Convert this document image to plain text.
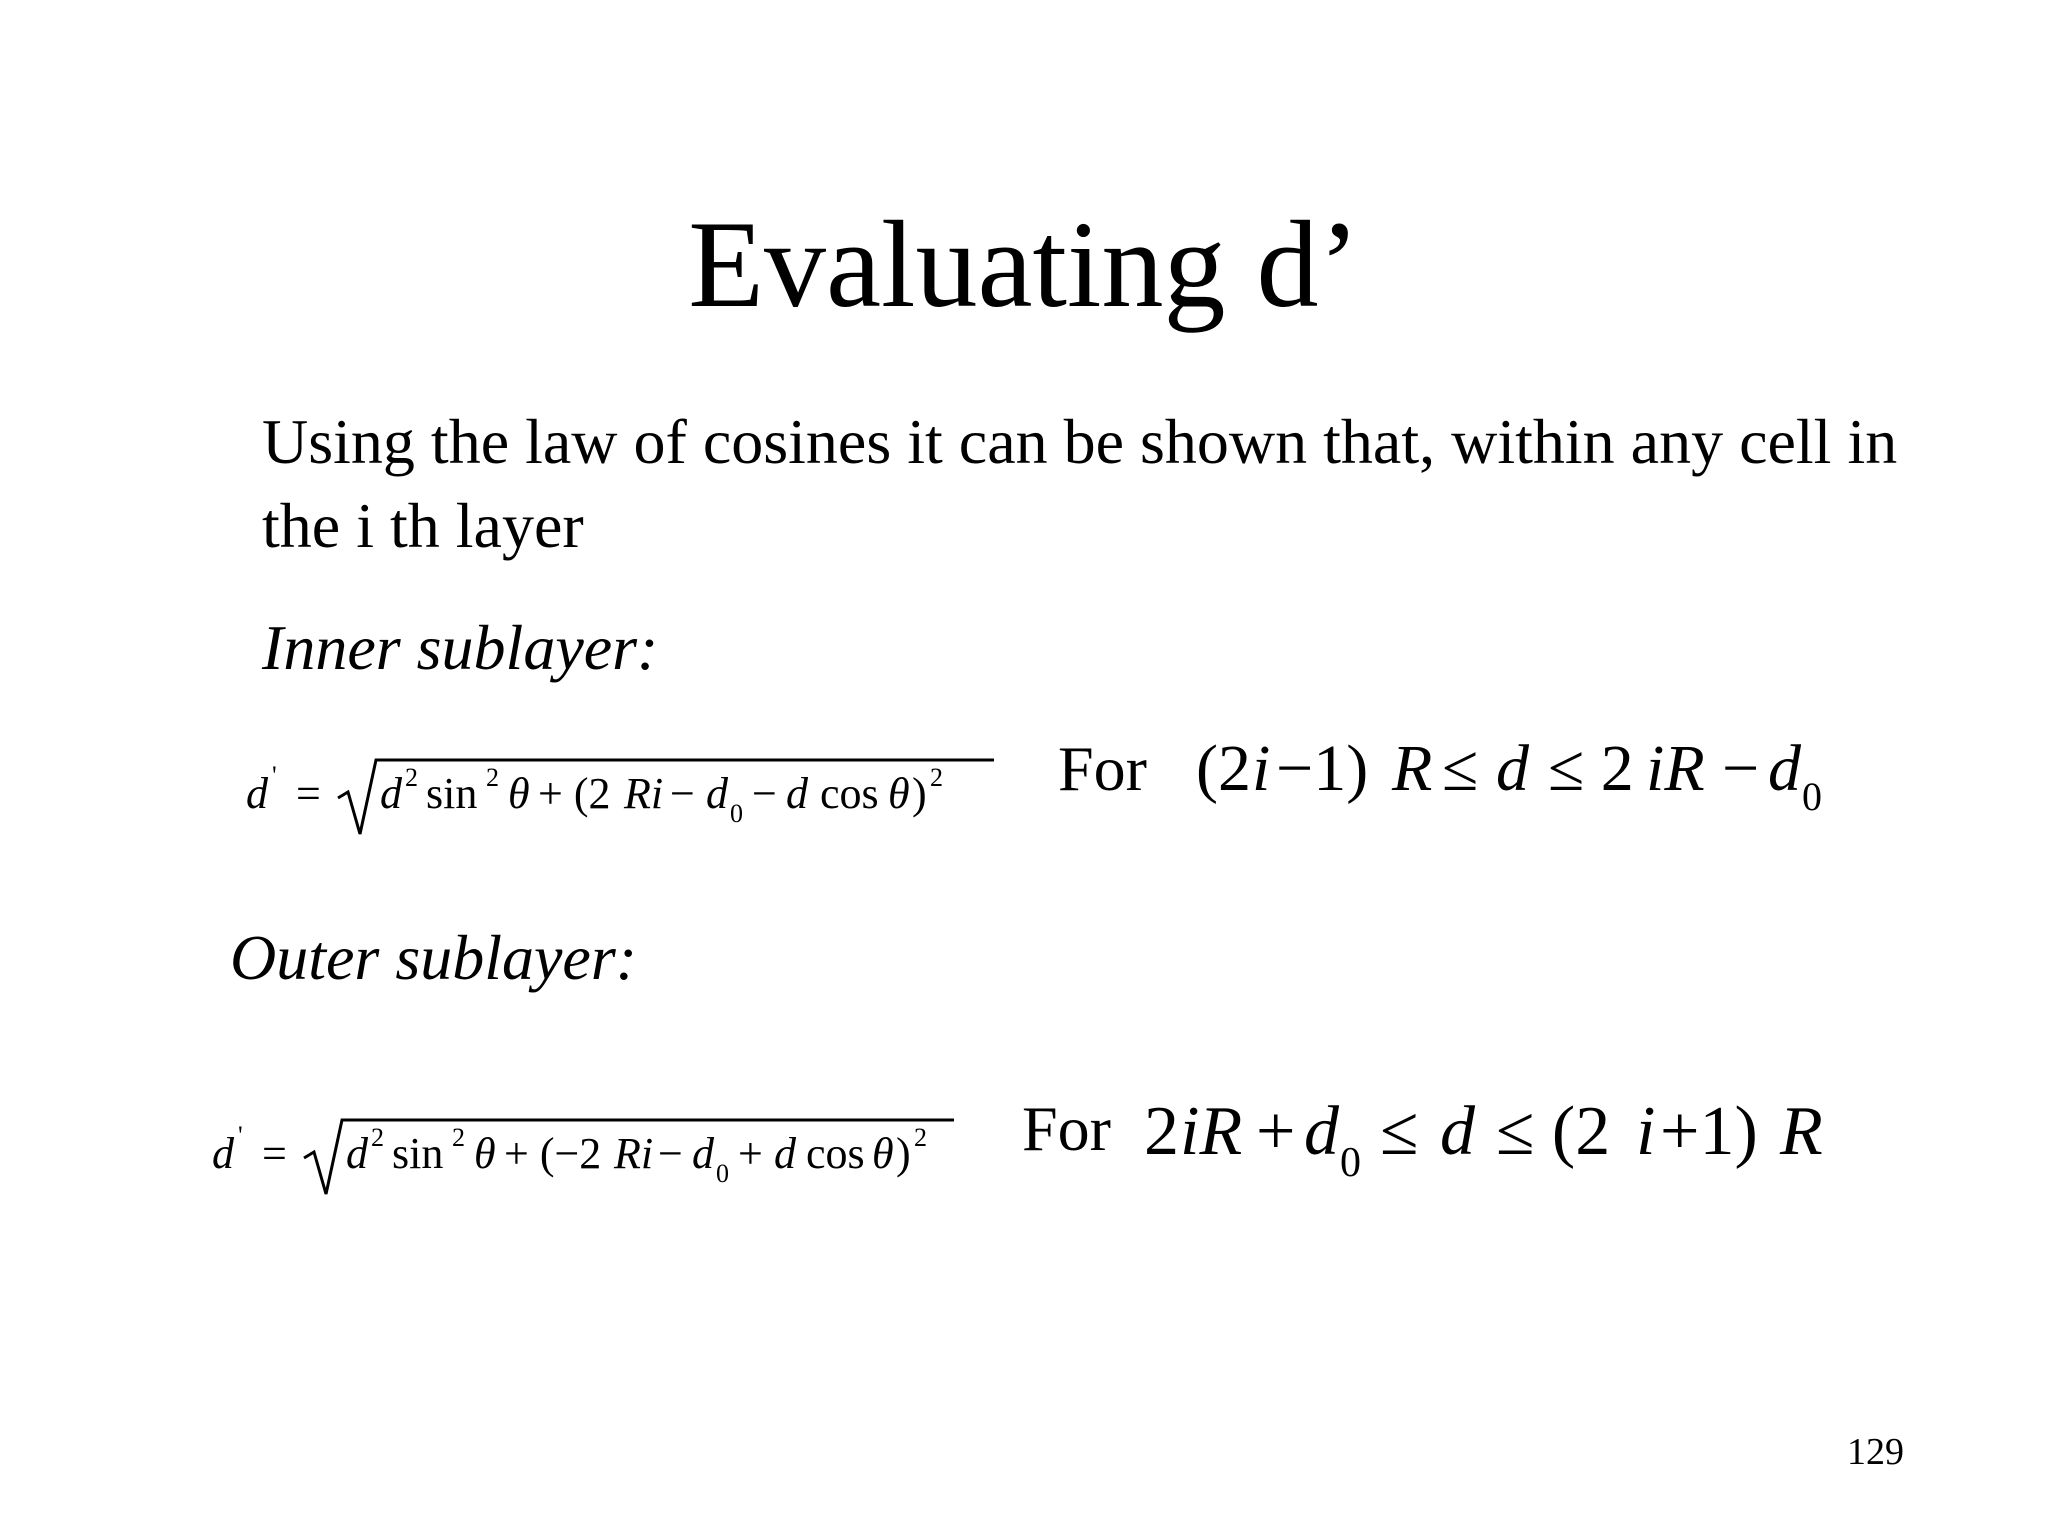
Evaluating d’
Using the law of cosines it can be shown that, within any cell in the i th layer
Inner sublayer:
d ' = d 2 sin 2 θ + (2 Ri − d 0 − d cos θ ) 2 For (2 i −1) R ≤ d ≤ 2 iR − d 0
Outer sublayer:
d ' = d 2 sin 2 θ + (−2 Ri − d 0 + d cos θ ) 2 For 2 iR + d 0 ≤ d ≤ (2 i +1) R
129
